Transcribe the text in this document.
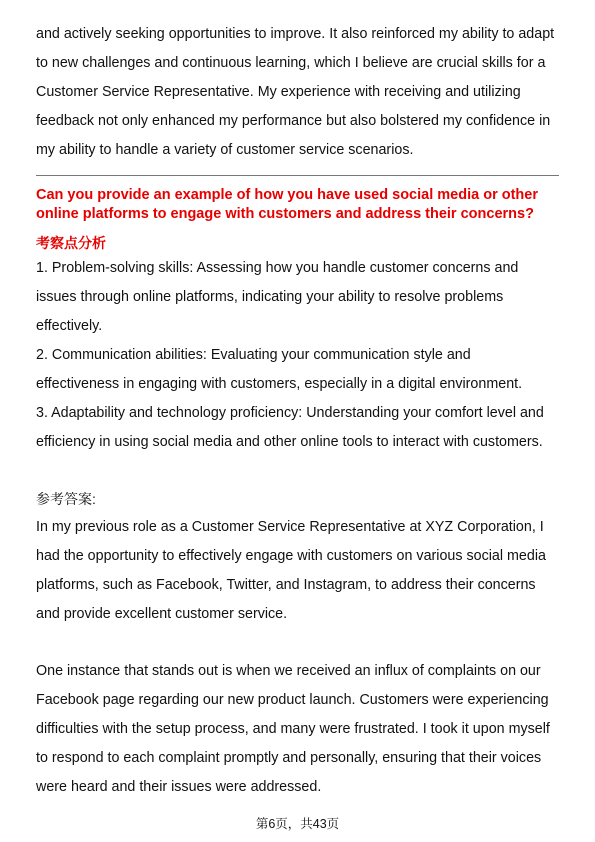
and actively seeking opportunities to improve. It also reinforced my ability to adapt
to new challenges and continuous learning, which I believe are crucial skills for a
Customer Service Representative. My experience with receiving and utilizing
feedback not only enhanced my performance but also bolstered my confidence in
my ability to handle a variety of customer service scenarios.
Can you provide an example of how you have used social media or other
online platforms to engage with customers and address their concerns?
考察点分析
1. Problem-solving skills: Assessing how you handle customer concerns and
issues through online platforms, indicating your ability to resolve problems
effectively.
2. Communication abilities: Evaluating your communication style and
effectiveness in engaging with customers, especially in a digital environment.
3. Adaptability and technology proficiency: Understanding your comfort level and
efficiency in using social media and other online tools to interact with customers.
参考答案:
In my previous role as a Customer Service Representative at XYZ Corporation, I
had the opportunity to effectively engage with customers on various social media
platforms, such as Facebook, Twitter, and Instagram, to address their concerns
and provide excellent customer service.
One instance that stands out is when we received an influx of complaints on our
Facebook page regarding our new product launch. Customers were experiencing
difficulties with the setup process, and many were frustrated. I took it upon myself
to respond to each complaint promptly and personally, ensuring that their voices
were heard and their issues were addressed.
第6页，共43页
